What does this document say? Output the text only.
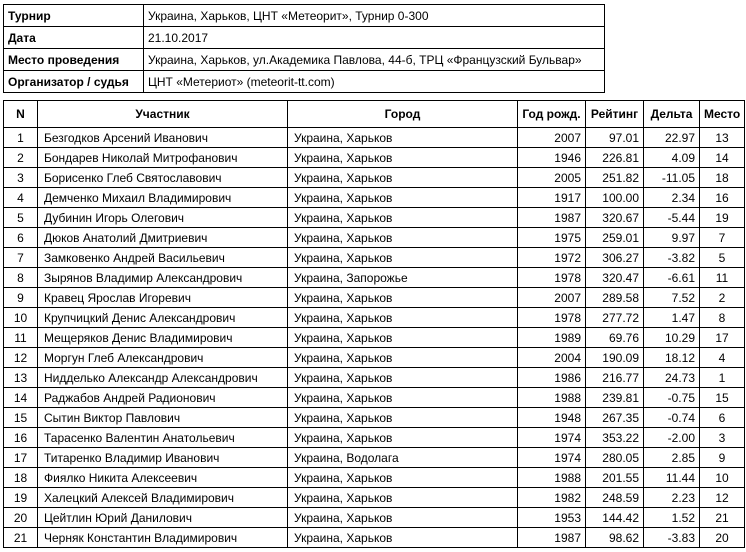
Турнир	Украина, Харьков, ЦНТ «Метеорит», Турнир 0-300
Дата	21.10.2017
Место проведения	Украина, Харьков, ул.Академика Павлова, 44-б, ТРЦ «Французский Бульвар»
Организатор / судья	ЦНТ «Метериот» (meteorit-tt.com)
N	Участник	Город	Год рожд.	Рейтинг	Дельта	Место
1	Безгодков Арсений Иванович	Украина, Харьков	2007	97.01	22.97	13
2	Бондарев Николай Митрофанович	Украина, Харьков	1946	226.81	4.09	14
3	Борисенко Глеб Святославович	Украина, Харьков	2005	251.82	-11.05	18
4	Демченко Михаил Владимирович	Украина, Харьков	1917	100.00	2.34	16
5	Дубинин Игорь Олегович	Украина, Харьков	1987	320.67	-5.44	19
6	Дюков Анатолий Дмитриевич	Украина, Харьков	1975	259.01	9.97	7
7	Замковенко Андрей Васильевич	Украина, Харьков	1972	306.27	-3.82	5
8	Зырянов Владимир Александрович	Украина, Запорожье	1978	320.47	-6.61	11
9	Кравец Ярослав Игоревич	Украина, Харьков	2007	289.58	7.52	2
10	Крупчицкий Денис Александрович	Украина, Харьков	1978	277.72	1.47	8
11	Мещеряков Денис Владимирович	Украина, Харьков	1989	69.76	10.29	17
12	Моргун Глеб Александрович	Украина, Харьков	2004	190.09	18.12	4
13	Нидделько Александр Александрович	Украина, Харьков	1986	216.77	24.73	1
14	Раджабов Андрей Радионович	Украина, Харьков	1988	239.81	-0.75	15
15	Сытин Виктор Павлович	Украина, Харьков	1948	267.35	-0.74	6
16	Тарасенко Валентин Анатольевич	Украина, Харьков	1974	353.22	-2.00	3
17	Титаренко Владимир Иванович	Украина, Водолага	1974	280.05	2.85	9
18	Фиялко Никита Алексеевич	Украина, Харьков	1988	201.55	11.44	10
19	Халецкий Алексей Владимирович	Украина, Харьков	1982	248.59	2.23	12
20	Цейтлин Юрий Данилович	Украина, Харьков	1953	144.42	1.52	21
21	Черняк Константин Владимирович	Украина, Харьков	1987	98.62	-3.83	20
